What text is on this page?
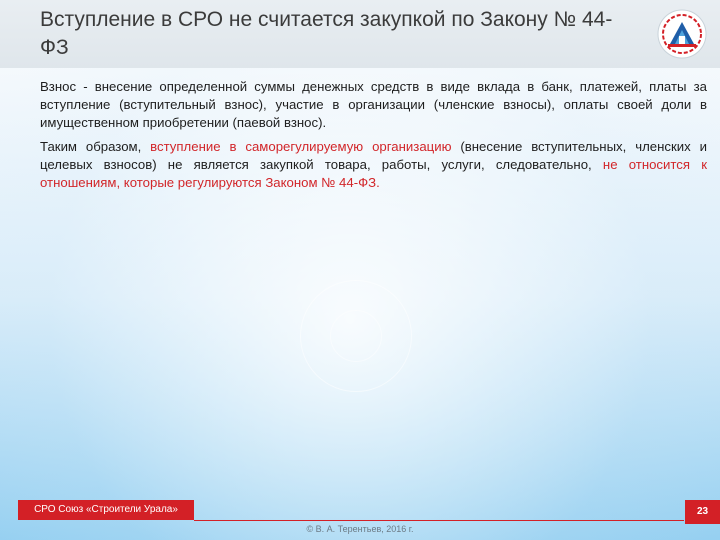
Вступление в СРО не считается закупкой по Закону № 44-ФЗ

Взнос - внесение определенной суммы денежных средств в виде вклада в банк, платежей, платы за вступление (вступительный взнос), участие в организации (членские взносы), оплаты своей доли в имущественном приобретении (паевой взнос).

Таким образом, вступление в саморегулируемую организацию (внесение вступительных, членских и целевых взносов) не является закупкой товара, работы, услуги, следовательно, не относится к отношениям, которые регулируются Законом № 44-ФЗ.

СРО Союз «Строители Урала»	23
© В. А. Терентьев, 2016 г.
